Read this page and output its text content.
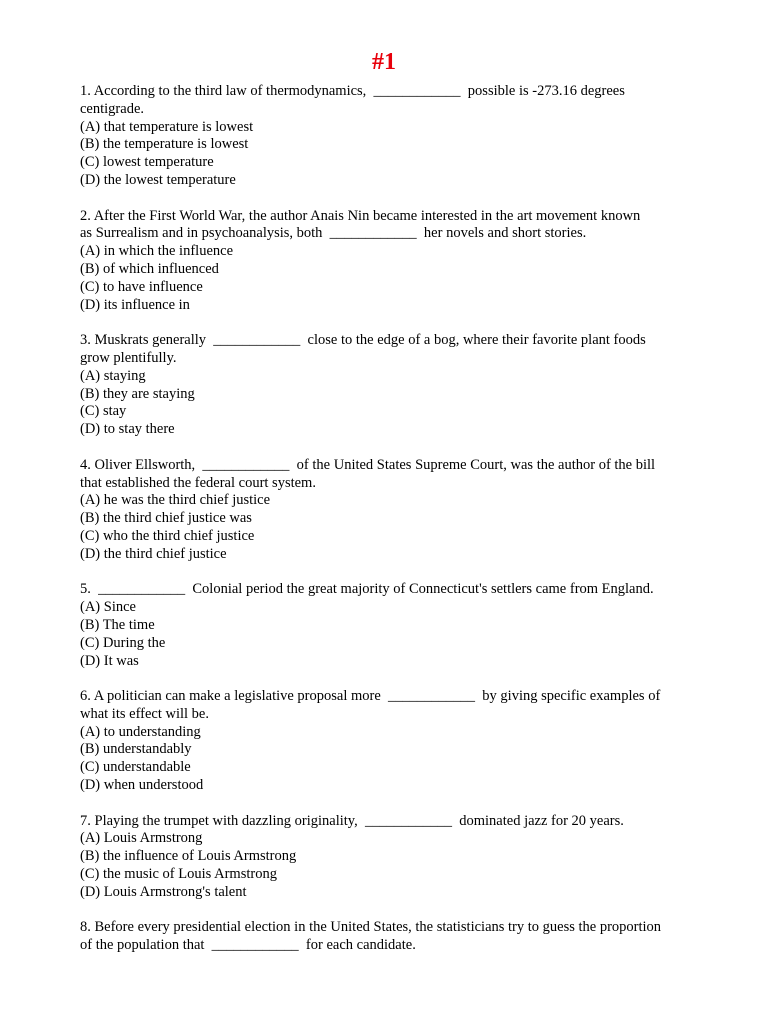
#1
1. According to the third law of thermodynamics,  ____________  possible is -273.16 degrees
centigrade.
(A) that temperature is lowest
(B) the temperature is lowest
(C) lowest temperature
(D) the lowest temperature
2. After the First World War, the author Anais Nin became interested in the art movement known
as Surrealism and in psychoanalysis, both  ____________  her novels and short stories.
(A) in which the influence
(B) of which influenced
(C) to have influence
(D) its influence in
3. Muskrats generally  ____________  close to the edge of a bog, where their favorite plant foods
grow plentifully.
(A) staying
(B) they are staying
(C) stay
(D) to stay there
4. Oliver Ellsworth,  ____________  of the United States Supreme Court, was the author of the bill
that established the federal court system.
(A) he was the third chief justice
(B) the third chief justice was
(C) who the third chief justice
(D) the third chief justice
5.  ____________  Colonial period the great majority of Connecticut's settlers came from England.
(A) Since
(B) The time
(C) During the
(D) It was
6. A politician can make a legislative proposal more  ____________  by giving specific examples of
what its effect will be.
(A) to understanding
(B) understandably
(C) understandable
(D) when understood
7. Playing the trumpet with dazzling originality,  ____________  dominated jazz for 20 years.
(A) Louis Armstrong
(B) the influence of Louis Armstrong
(C) the music of Louis Armstrong
(D) Louis Armstrong's talent
8. Before every presidential election in the United States, the statisticians try to guess the proportion
of the population that  ____________  for each candidate.
